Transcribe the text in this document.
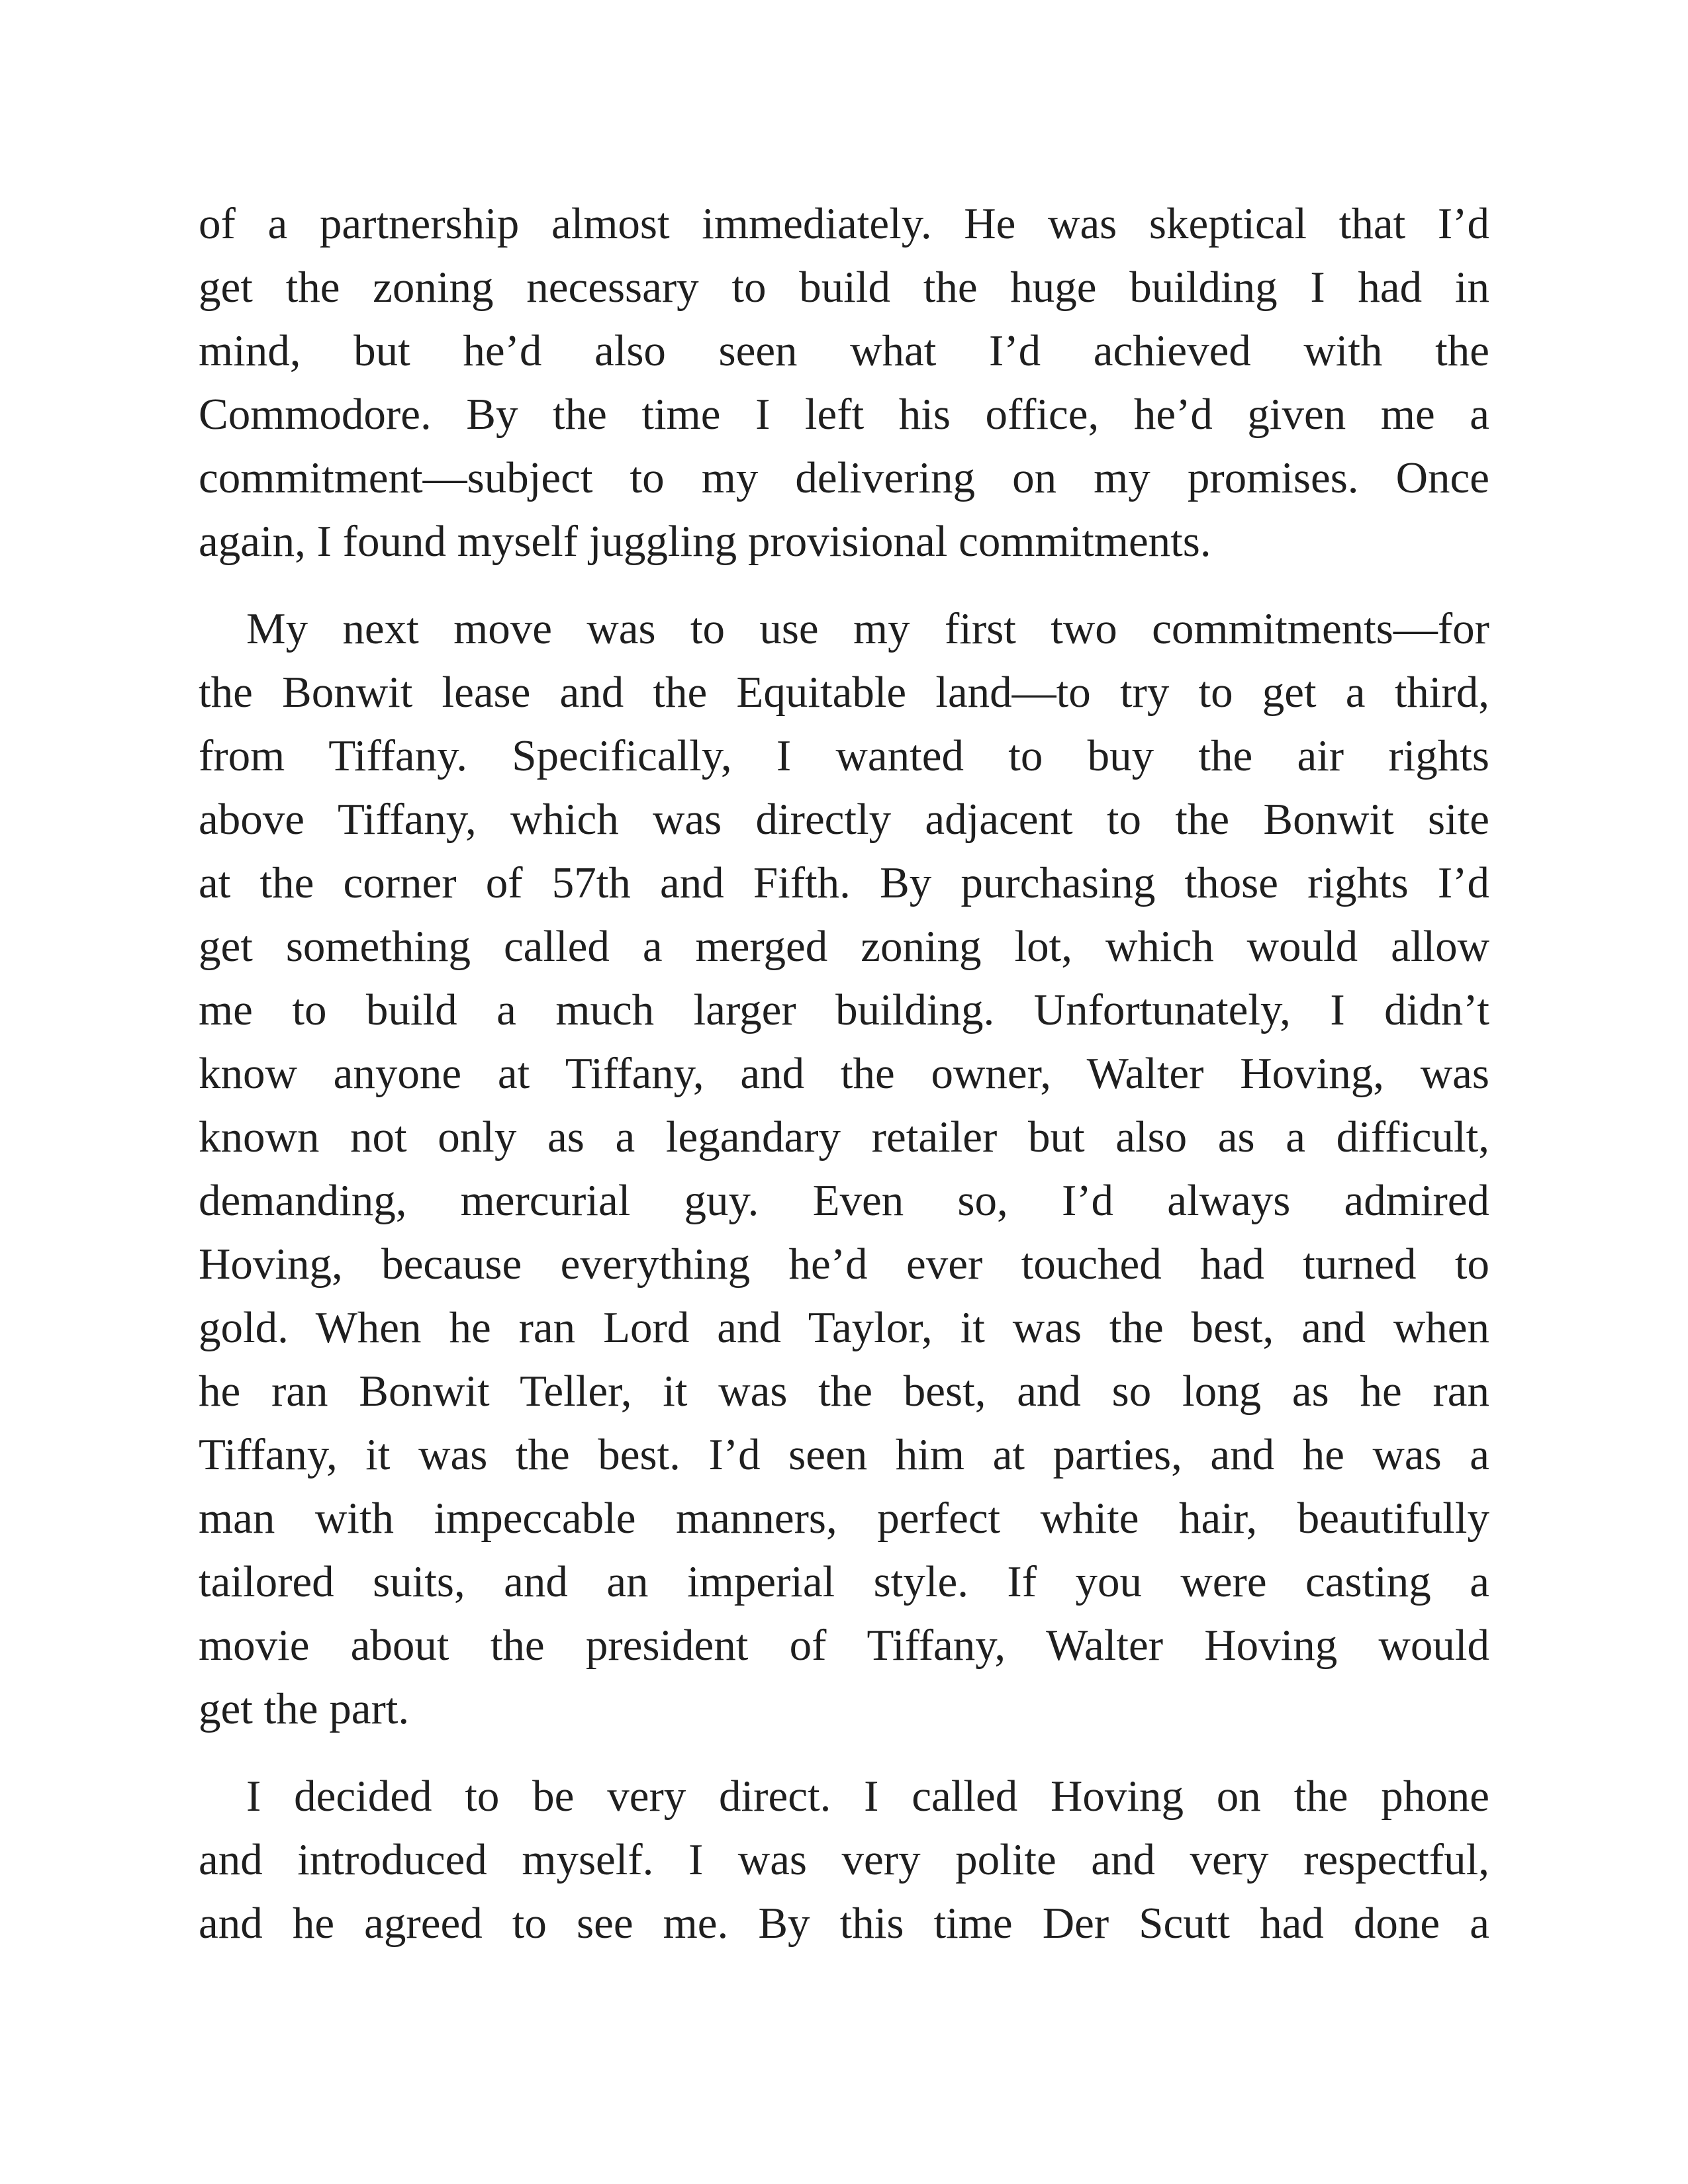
of a partnership almost immediately. He was skeptical that I’d
get the zoning necessary to build the huge building I had in
mind, but he’d also seen what I’d achieved with the
Commodore. By the time I left his office, he’d given me a
commitment—subject to my delivering on my promises. Once
again, I found myself juggling provisional commitments.
My next move was to use my first two commitments—for
the Bonwit lease and the Equitable land—to try to get a third,
from Tiffany. Specifically, I wanted to buy the air rights
above Tiffany, which was directly adjacent to the Bonwit site
at the corner of 57th and Fifth. By purchasing those rights I’d
get something called a merged zoning lot, which would allow
me to build a much larger building. Unfortunately, I didn’t
know anyone at Tiffany, and the owner, Walter Hoving, was
known not only as a legandary retailer but also as a difficult,
demanding, mercurial guy. Even so, I’d always admired
Hoving, because everything he’d ever touched had turned to
gold. When he ran Lord and Taylor, it was the best, and when
he ran Bonwit Teller, it was the best, and so long as he ran
Tiffany, it was the best. I’d seen him at parties, and he was a
man with impeccable manners, perfect white hair, beautifully
tailored suits, and an imperial style. If you were casting a
movie about the president of Tiffany, Walter Hoving would
get the part.
I decided to be very direct. I called Hoving on the phone
and introduced myself. I was very polite and very respectful,
and he agreed to see me. By this time Der Scutt had done a
